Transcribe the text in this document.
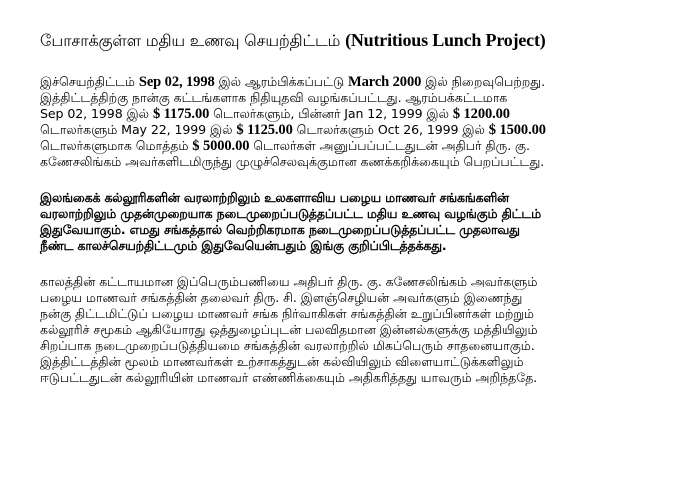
போசாக்குள்ள மதிய உணவு செயற்திட்டம் (Nutritious Lunch Project)
இச்செயற்திட்டம் Sep 02, 1998 இல் ஆரம்பிக்கப்பட்டு March 2000 இல் நிறைவுபெற்றது.
இத்திட்டத்திற்கு நான்கு கட்டங்களாக நிதியுதவி வழங்கப்பட்டது. ஆரம்பக்கட்டமாக
Sep 02, 1998 இல் $ 1175.00 டொலர்களும், பின்னர் Jan 12, 1999 இல் $ 1200.00
டொலர்களும் May 22, 1999 இல் $ 1125.00 டொலர்களும் Oct 26, 1999 இல் $ 1500.00
டொலர்களுமாக மொத்தம் $ 5000.00 டொலர்கள் அனுப்பப்பட்டதுடன் அதிபர் திரு. கு.
கணேசலிங்கம் அவர்களிடமிருந்து முழுச்செலவுக்குமான கணக்கறிக்கையும் பெறப்பட்டது.
இலங்கைக் கல்லூரிகளின் வரலாற்றிலும் உலகளாவிய பழைய மாணவர் சங்கங்களின்
வரலாற்றிலும் முதன்முறையாக நடைமுறைப்படுத்தப்பட்ட மதிய உணவு வழங்கும் திட்டம்
இதுவேயாகும். எமது சங்கத்தால் வெற்றிகரமாக நடைமுறைப்படுத்தப்பட்ட முதலாவது
நீண்ட காலச்செயற்திட்டமும் இதுவேயென்பதும் இங்கு குறிப்பிடத்தக்கது.
காலத்தின் கட்டாயமான இப்பெரும்பணியை அதிபர் திரு. கு. கணேசலிங்கம் அவர்களும்
பழைய மாணவர் சங்கத்தின் தலைவர் திரு. சி. இளஞ்செழியன் அவர்களும் இணைந்து
நன்கு திட்டமிட்டுப் பழைய மாணவர் சங்க நிர்வாகிகள் சங்கத்தின் உறுப்பினர்கள் மற்றும்
கல்லூரிச் சமூகம் ஆகியோரது ஒத்துழைப்புடன் பலவிதமான இன்னல்களுக்கு மத்தியிலும்
சிறப்பாக நடைமுறைப்படுத்தியமை சங்கத்தின் வரலாற்றில் மிகப்பெரும் சாதனையாகும்.
இத்திட்டத்தின் மூலம் மாணவர்கள் உற்சாகத்துடன் கல்வியிலும் விளையாட்டுக்களிலும்
ஈடுபட்டதுடன் கல்லூரியின் மாணவர் எண்ணிக்கையும் அதிகரித்தது யாவரும் அறிந்ததே.
